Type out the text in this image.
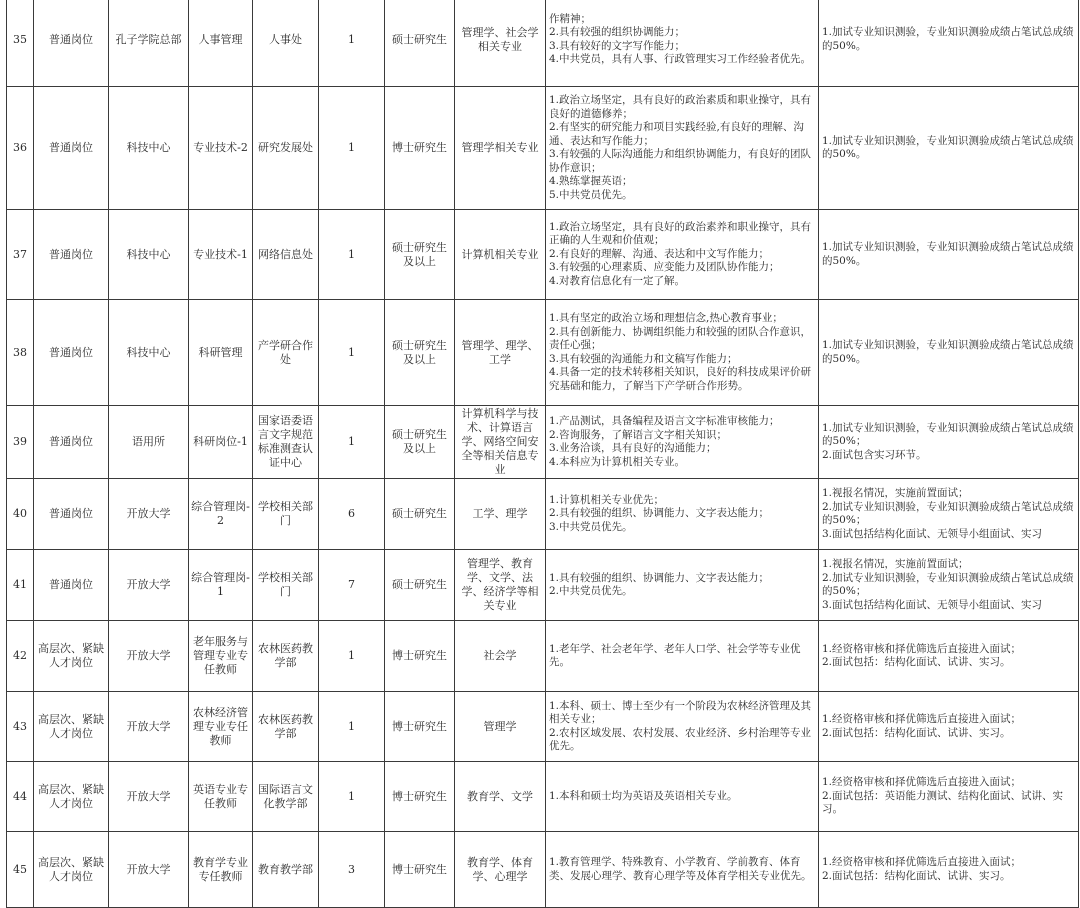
35	普通岗位	孔子学院总部	人事管理	人事处	1	硕士研究生	管理学、社会学相关专业	作精神；
2.具有较强的组织协调能力；
3.具有较好的文字写作能力；
4.中共党员，具有人事、行政管理实习工作经验者优先。	1.加试专业知识测验，专业知识测验成绩占笔试总成绩的50%。

36	普通岗位	科技中心	专业技术-2	研究发展处	1	博士研究生	管理学相关专业	1.政治立场坚定，具有良好的政治素质和职业操守，具有良好的道德修养；
2.有坚实的研究能力和项目实践经验,有良好的理解、沟通、表达和写作能力；
3.有较强的人际沟通能力和组织协调能力，有良好的团队协作意识；
4.熟练掌握英语；
5.中共党员优先。	1.加试专业知识测验，专业知识测验成绩占笔试总成绩的50%。

37	普通岗位	科技中心	专业技术-1	网络信息处	1	硕士研究生及以上	计算机相关专业	1.政治立场坚定，具有良好的政治素养和职业操守，具有正确的人生观和价值观；
2.有良好的理解、沟通、表达和中文写作能力；
3.有较强的心理素质、应变能力及团队协作能力；
4.对教育信息化有一定了解。	1.加试专业知识测验，专业知识测验成绩占笔试总成绩的50%。

38	普通岗位	科技中心	科研管理	产学研合作处	1	硕士研究生及以上	管理学、理学、工学	1.具有坚定的政治立场和理想信念,热心教育事业；
2.具有创新能力、协调组织能力和较强的团队合作意识，责任心强；
3.具有较强的沟通能力和文稿写作能力；
4.具备一定的技术转移相关知识，良好的科技成果评价研究基础和能力，了解当下产学研合作形势。	1.加试专业知识测验，专业知识测验成绩占笔试总成绩的50%。

39	普通岗位	语用所	科研岗位-1	国家语委语言文字规范标准测查认证中心	1	硕士研究生及以上	计算机科学与技术、计算语言学、网络空间安全等相关信息专业	1.产品测试，具备编程及语言文字标准审核能力；
2.咨询服务，了解语言文字相关知识；
3.业务洽谈，具有良好的沟通能力；
4.本科应为计算机相关专业。	1.加试专业知识测验，专业知识测验成绩占笔试总成绩的50%；
2.面试包含实习环节。

40	普通岗位	开放大学	综合管理岗-2	学校相关部门	6	硕士研究生	工学、理学	1.计算机相关专业优先；
2.具有较强的组织、协调能力、文字表达能力；
3.中共党员优先。	1.视报名情况，实施前置面试；
2.加试专业知识测验，专业知识测验成绩占笔试总成绩的50%；
3.面试包括结构化面试、无领导小组面试、实习

41	普通岗位	开放大学	综合管理岗-1	学校相关部门	7	硕士研究生	管理学、教育学、文学、法学、经济学等相关专业	1.具有较强的组织、协调能力、文字表达能力；
2.中共党员优先。	1.视报名情况，实施前置面试；
2.加试专业知识测验，专业知识测验成绩占笔试总成绩的50%；
3.面试包括结构化面试、无领导小组面试、实习

42	高层次、紧缺人才岗位	开放大学	老年服务与管理专业专任教师	农林医药教学部	1	博士研究生	社会学	1.老年学、社会老年学、老年人口学、社会学等专业优先。	1.经资格审核和择优筛选后直接进入面试；
2.面试包括：结构化面试、试讲、实习。

43	高层次、紧缺人才岗位	开放大学	农林经济管理专业专任教师	农林医药教学部	1	博士研究生	管理学	1.本科、硕士、博士至少有一个阶段为农林经济管理及其相关专业；
2.农村区域发展、农村发展、农业经济、乡村治理等专业优先。	1.经资格审核和择优筛选后直接进入面试；
2.面试包括：结构化面试、试讲、实习。

44	高层次、紧缺人才岗位	开放大学	英语专业专任教师	国际语言文化教学部	1	博士研究生	教育学、文学	1.本科和硕士均为英语及英语相关专业。	1.经资格审核和择优筛选后直接进入面试；
2.面试包括：英语能力测试、结构化面试、试讲、实习。

45	高层次、紧缺人才岗位	开放大学	教育学专业专任教师	教育教学部	3	博士研究生	教育学、体育学、心理学	1.教育管理学、特殊教育、小学教育、学前教育、体育类、发展心理学、教育心理学等及体育学相关专业优先。	1.经资格审核和择优筛选后直接进入面试；
2.面试包括：结构化面试、试讲、实习。
